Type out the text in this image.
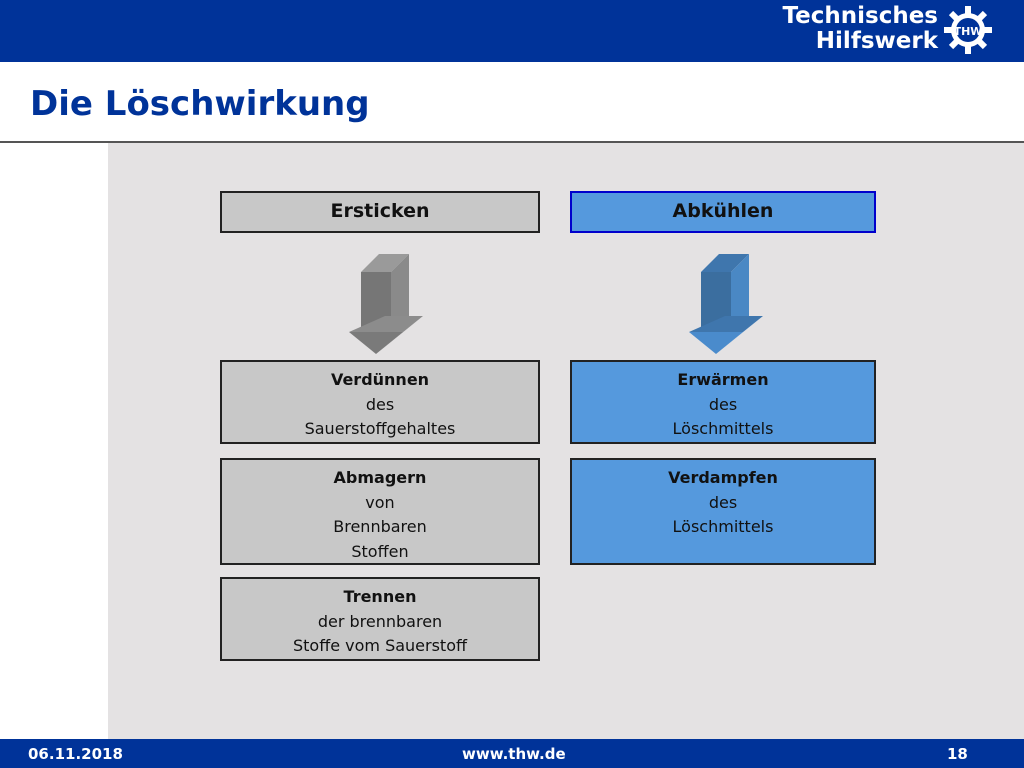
Technisches
Hilfswerk THW
Die Löschwirkung
Ersticken
Verdünnen
des
Sauerstoffgehaltes
Abmagern
von
Brennbaren
Stoffen
Trennen
der brennbaren
Stoffe vom Sauerstoff
Abkühlen
Erwärmen
des
Löschmittels
Verdampfen
des
Löschmittels
06.11.2018	www.thw.de	18
